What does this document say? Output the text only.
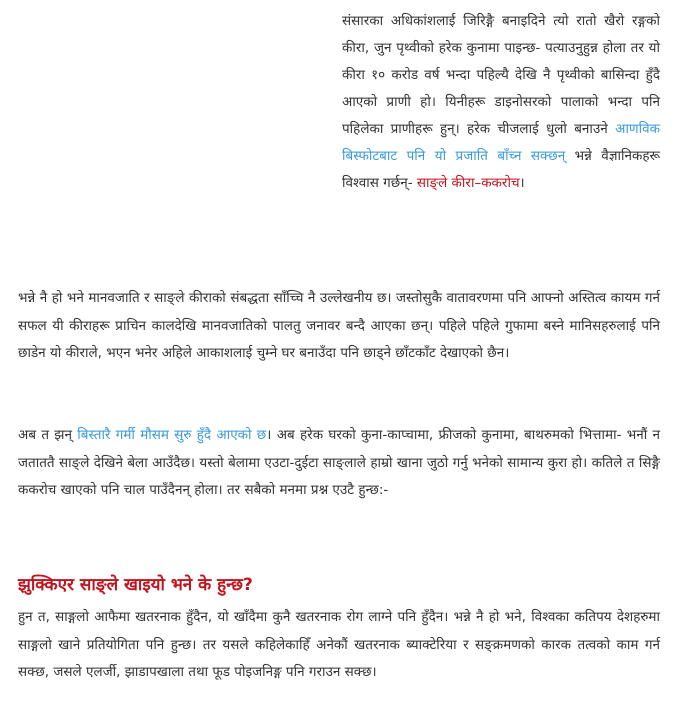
संसारका अधिकांशलाई जिरिङ्गै बनाइदिने त्यो रातो खैरो रङ्गको कीरा, जुन पृथ्वीको हरेक कुनामा पाइन्छ- पत्याउनुहुन्न होला तर यो कीरा १० करोड वर्ष भन्दा पहिल्यै देखि नै पृथ्वीको बासिन्दा हुँदै आएको प्राणी हो। यिनीहरू डाइनोसरको पालाको भन्दा पनि पहिलेका प्राणीहरू हुन्। हरेक चीजलाई धुलो बनाउने आणविक बिस्फोटबाट पनि यो प्रजाति बाँच्न सक्छन् भन्ने वैज्ञानिकहरू विश्वास गर्छन्- साङ्ले कीरा–ककरोच।
भन्ने नै हो भने मानवजाति र साङ्ले कीराको संबद्धता साँच्चि नै उल्लेखनीय छ। जस्तोसुकै वातावरणमा पनि आफ्नो अस्तित्व कायम गर्न सफल यी कीराहरू प्राचिन कालदेखि मानवजातिको पालतु जनावर बन्दै आएका छन्। पहिले पहिले गुफामा बस्ने मानिसहरुलाई पनि छाडेन यो कीराले, भएन भनेर अहिले आकाशलाई चुम्ने घर बनाउँदा पनि छाड्ने छाँटकाँट देखाएको छैन।
अब त झन् बिस्तारै गर्मी मौसम सुरु हुँदै आएको छ। अब हरेक घरको कुना-काप्चामा, फ्रीजको कुनामा, बाथरुमको भित्तामा- भनौं न जताततै साङ्ले देखिने बेला आउँदैछ। यस्तो बेलामा एउटा-दुईटा साङ्लाले हाम्रो खाना जुठो गर्नु भनेको सामान्य कुरा हो। कतिले त सिङ्गै ककरोच खाएको पनि चाल पाउँदैनन् होला। तर सबैको मनमा प्रश्न एउटै हुन्छ:-
झुक्किएर साङ्ले खाइयो भने के हुन्छ?
हुन त, साङ्गलो आफैमा खतरनाक हुँदैन, यो खाँदैमा कुनै खतरनाक रोग लाग्ने पनि हुँदैन। भन्ने नै हो भने, विश्वका कतिपय देशहरुमा साङ्गलो खाने प्रतियोगिता पनि हुन्छ। तर यसले कहिलेकाहिँ अनेकौं खतरनाक ब्याक्टेरिया र सङ्क्रमणको कारक तत्वको काम गर्न सक्छ, जसले एलर्जी, झाडापखाला तथा फूड पोइजनिङ्ग पनि गराउन सक्छ।
